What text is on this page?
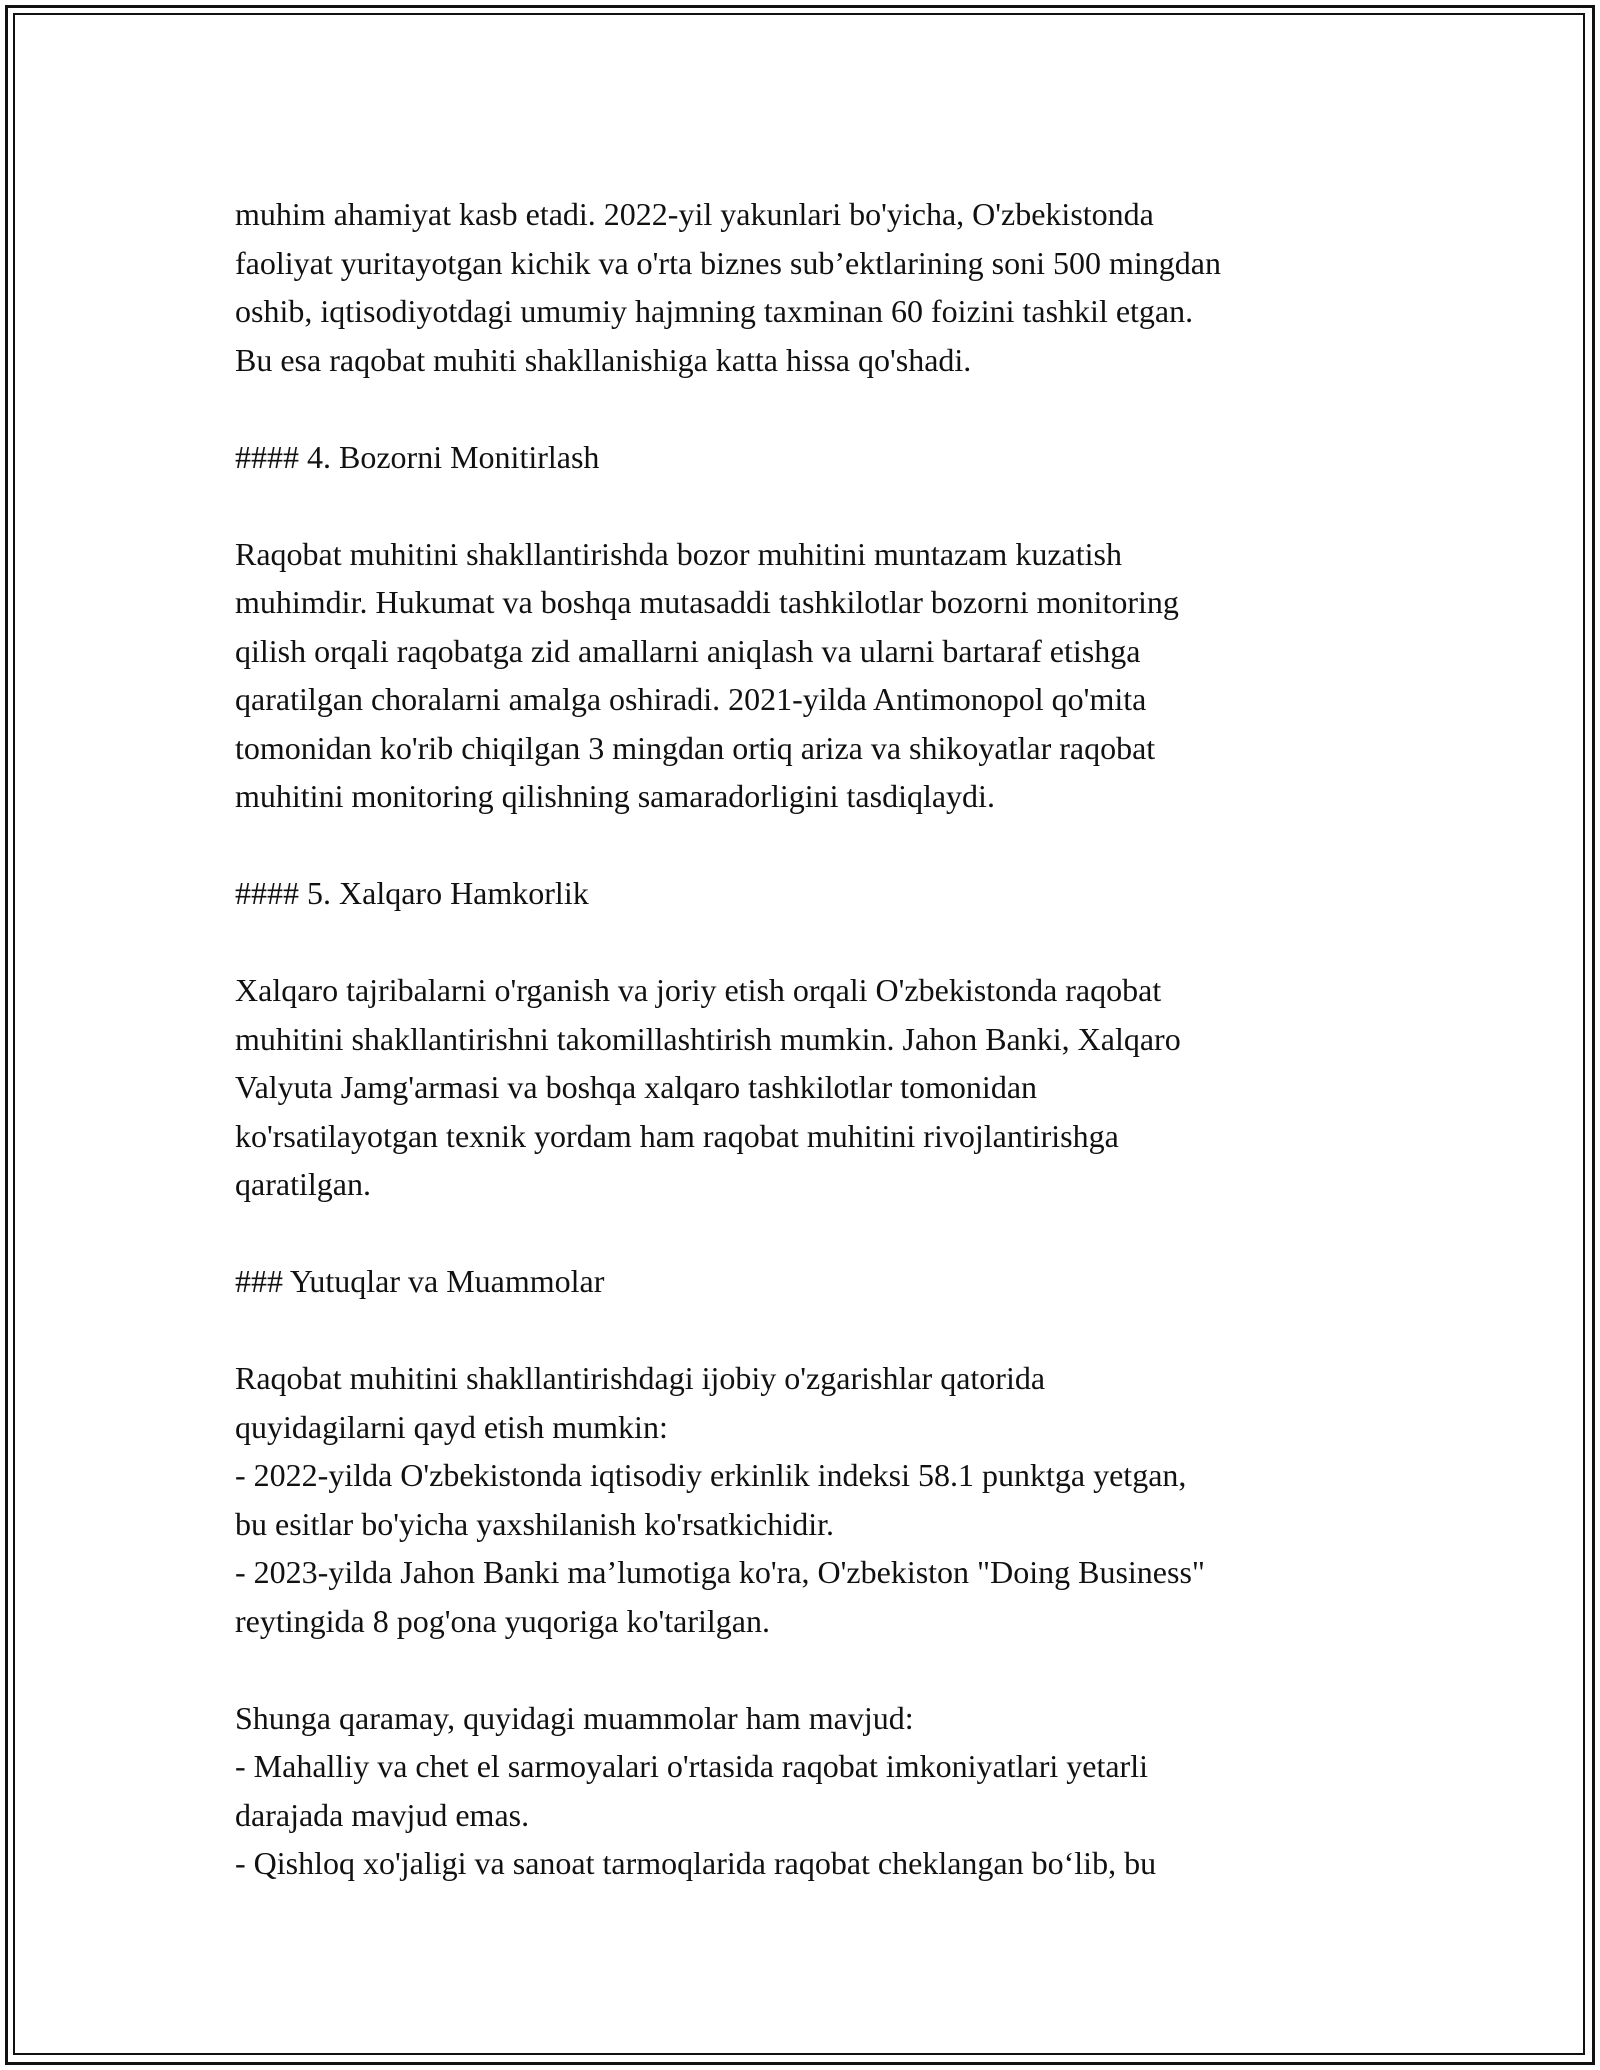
muhim ahamiyat kasb etadi. 2022-yil yakunlari bo'yicha, O'zbekistonda
faoliyat yuritayotgan kichik va o'rta biznes sub’ektlarining soni 500 mingdan
oshib, iqtisodiyotdagi umumiy hajmning taxminan 60 foizini tashkil etgan.
Bu esa raqobat muhiti shakllanishiga katta hissa qo'shadi.
#### 4. Bozorni Monitirlash
Raqobat muhitini shakllantirishda bozor muhitini muntazam kuzatish
muhimdir. Hukumat va boshqa mutasaddi tashkilotlar bozorni monitoring
qilish orqali raqobatga zid amallarni aniqlash va ularni bartaraf etishga
qaratilgan choralarni amalga oshiradi. 2021-yilda Antimonopol qo'mita
tomonidan ko'rib chiqilgan 3 mingdan ortiq ariza va shikoyatlar raqobat
muhitini monitoring qilishning samaradorligini tasdiqlaydi.
#### 5. Xalqaro Hamkorlik
Xalqaro tajribalarni o'rganish va joriy etish orqali O'zbekistonda raqobat
muhitini shakllantirishni takomillashtirish mumkin. Jahon Banki, Xalqaro
Valyuta Jamg'armasi va boshqa xalqaro tashkilotlar tomonidan
ko'rsatilayotgan texnik yordam ham raqobat muhitini rivojlantirishga
qaratilgan.
### Yutuqlar va Muammolar
Raqobat muhitini shakllantirishdagi ijobiy o'zgarishlar qatorida
quyidagilarni qayd etish mumkin:
- 2022-yilda O'zbekistonda iqtisodiy erkinlik indeksi 58.1 punktga yetgan,
bu esitlar bo'yicha yaxshilanish ko'rsatkichidir.
- 2023-yilda Jahon Banki ma’lumotiga ko'ra, O'zbekiston "Doing Business"
reytingida 8 pog'ona yuqoriga ko'tarilgan.
Shunga qaramay, quyidagi muammolar ham mavjud:
- Mahalliy va chet el sarmoyalari o'rtasida raqobat imkoniyatlari yetarli
darajada mavjud emas.
- Qishloq xo'jaligi va sanoat tarmoqlarida raqobat cheklangan bo‘lib, bu
